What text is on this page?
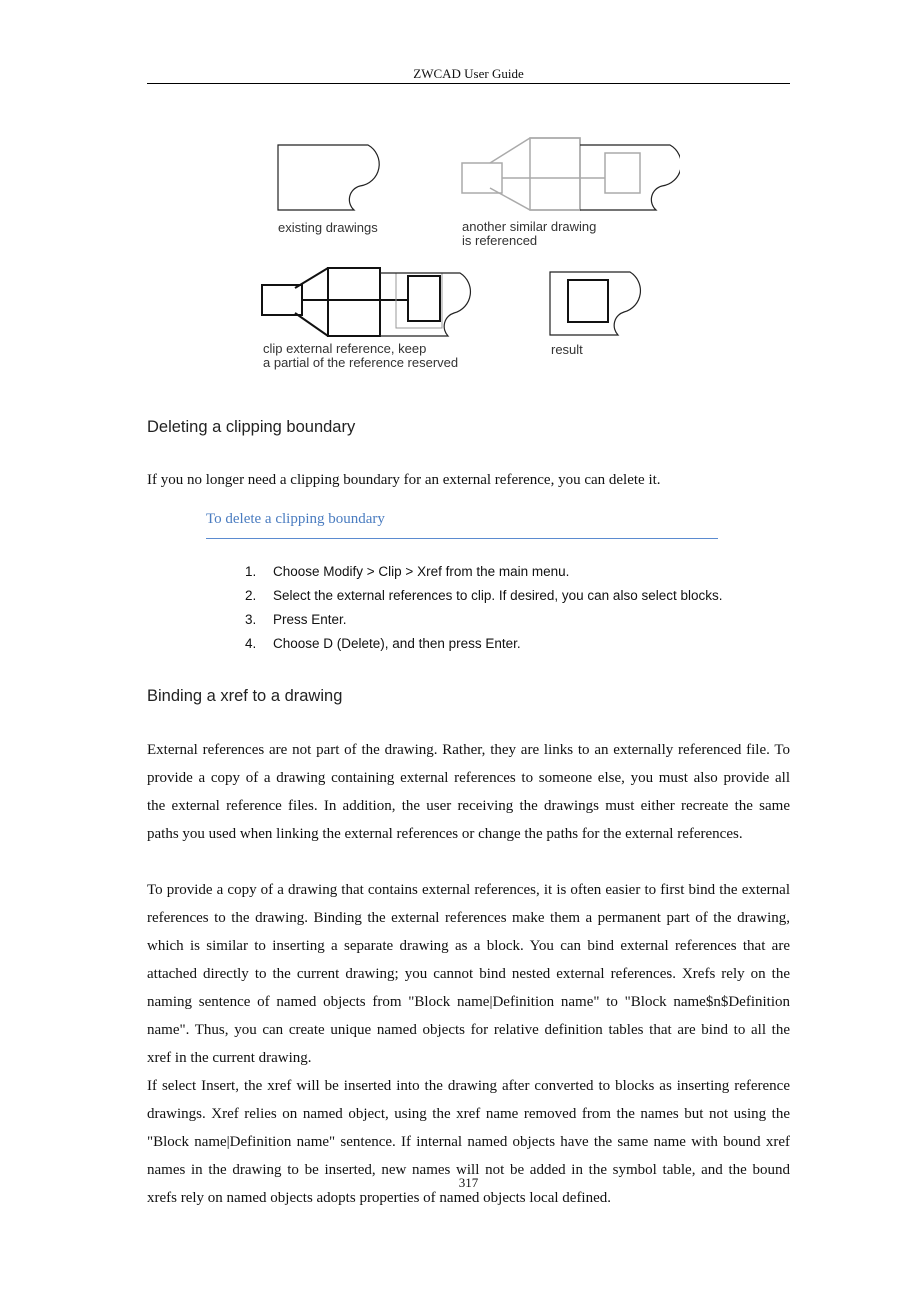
ZWCAD User Guide
existing drawings	another similar drawing
is referenced
clip external reference, keep
a partial of the reference reserved
result
Deleting a clipping boundary
If you no longer need a clipping boundary for an external reference, you can delete it.
To delete a clipping boundary
1.	Choose Modify > Clip > Xref from the main menu.
2.	Select the external references to clip. If desired, you can also select blocks.
3.	Press Enter.
4.	Choose D (Delete), and then press Enter.
Binding a xref to a drawing
External references are not part of the drawing. Rather, they are links to an externally referenced file. To
provide a copy of a drawing containing external references to someone else, you must also provide all
the external reference files. In addition, the user receiving the drawings must either recreate the same
paths you used when linking the external references or change the paths for the external references.
To provide a copy of a drawing that contains external references, it is often easier to first bind the external
references to the drawing. Binding the external references make them a permanent part of the drawing,
which is similar to inserting a separate drawing as a block. You can bind external references that are
attached directly to the current drawing; you cannot bind nested external references. Xrefs rely on the
naming sentence of named objects from "Block name|Definition name" to "Block name$n$Definition
name". Thus, you can create unique named objects for relative definition tables that are bind to all the
xref in the current drawing.
If select Insert, the xref will be inserted into the drawing after converted to blocks as inserting reference
drawings. Xref relies on named object, using the xref name removed from the names but not using the
"Block name|Definition name" sentence. If internal named objects have the same name with bound xref
names in the drawing to be inserted, new names will not be added in the symbol table, and the bound
xrefs rely on named objects adopts properties of named objects local defined.
317
